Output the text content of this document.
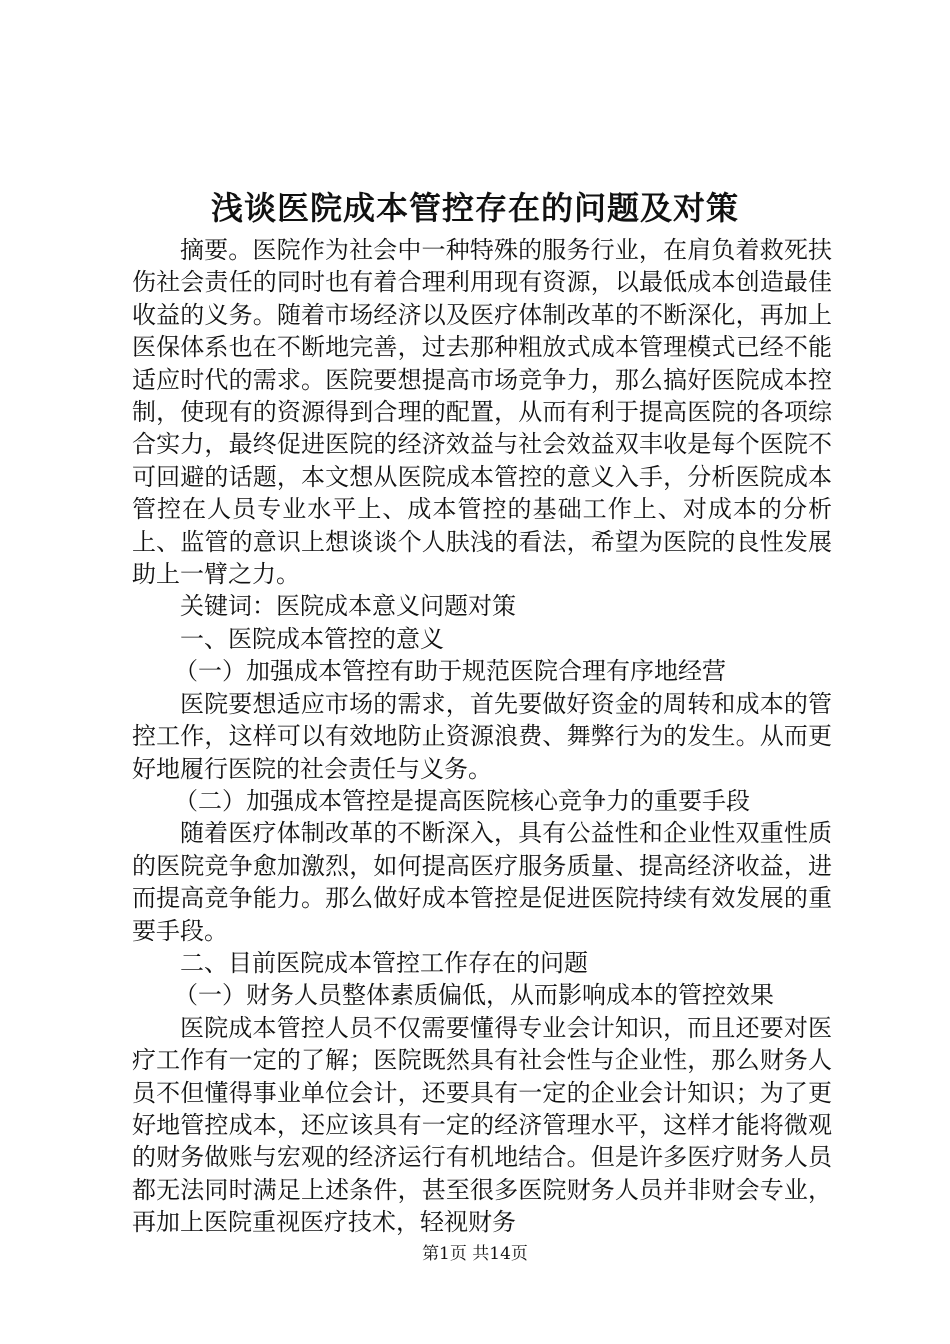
浅谈医院成本管控存在的问题及对策

摘要。医院作为社会中一种特殊的服务行业，在肩负着救死扶伤社会责任的同时也有着合理利用现有资源，以最低成本创造最佳收益的义务。随着市场经济以及医疗体制改革的不断深化，再加上医保体系也在不断地完善，过去那种粗放式成本管理模式已经不能适应时代的需求。医院要想提高市场竞争力，那么搞好医院成本控制，使现有的资源得到合理的配置，从而有利于提高医院的各项综合实力，最终促进医院的经济效益与社会效益双丰收是每个医院不可回避的话题，本文想从医院成本管控的意义入手，分析医院成本管控在人员专业水平上、成本管控的基础工作上、对成本的分析上、监管的意识上想谈谈个人肤浅的看法，希望为医院的良性发展助上一臂之力。

关键词：医院成本意义问题对策

一、医院成本管控的意义

（一）加强成本管控有助于规范医院合理有序地经营

医院要想适应市场的需求，首先要做好资金的周转和成本的管控工作，这样可以有效地防止资源浪费、舞弊行为的发生。从而更好地履行医院的社会责任与义务。

（二）加强成本管控是提高医院核心竞争力的重要手段

随着医疗体制改革的不断深入，具有公益性和企业性双重性质的医院竞争愈加激烈，如何提高医疗服务质量、提高经济收益，进而提高竞争能力。那么做好成本管控是促进医院持续有效发展的重要手段。

二、目前医院成本管控工作存在的问题

（一）财务人员整体素质偏低，从而影响成本的管控效果

医院成本管控人员不仅需要懂得专业会计知识，而且还要对医疗工作有一定的了解；医院既然具有社会性与企业性，那么财务人员不但懂得事业单位会计，还要具有一定的企业会计知识；为了更好地管控成本，还应该具有一定的经济管理水平，这样才能将微观的财务做账与宏观的经济运行有机地结合。但是许多医疗财务人员都无法同时满足上述条件，甚至很多医院财务人员并非财会专业，再加上医院重视医疗技术，轻视财务

第1页 共14页
